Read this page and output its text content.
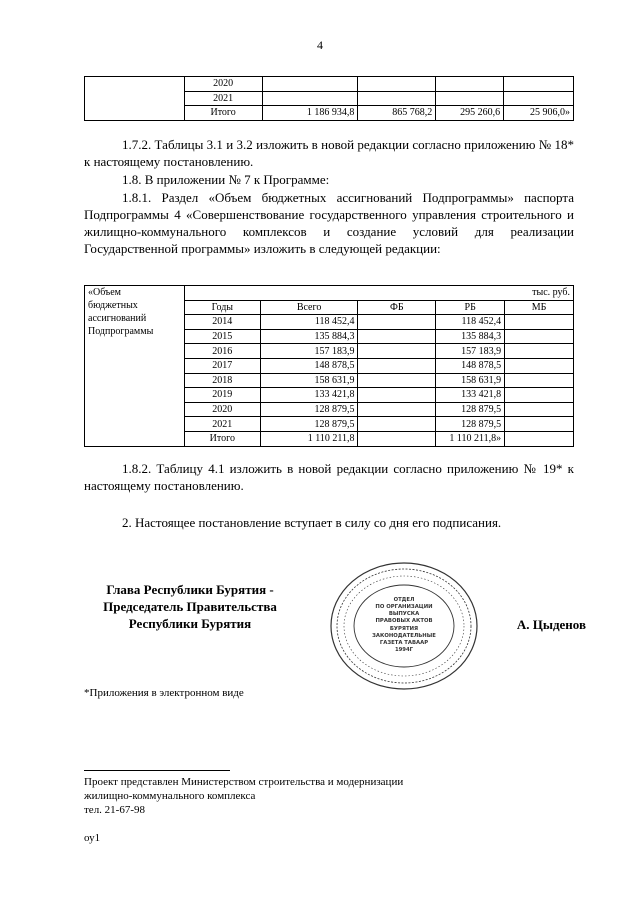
4
	2020				
	2021				
	Итого	1 186 934,8	865 768,2	295 260,6	25 906,0»
1.7.2. Таблицы 3.1 и 3.2 изложить в новой редакции согласно приложению № 18* к настоящему постановлению.
1.8. В приложении № 7 к Программе:
1.8.1. Раздел «Объем бюджетных ассигнований Подпрограммы» паспорта Подпрограммы 4 «Совершенствование государственного управления строительного и жилищно-коммунального комплексов и создание условий для реализации Государственной программы» изложить в следующей редакции:
«Объем
бюджетных
ассигнований
Подпрограммы	тыс. руб.				
	Годы	Всего	ФБ	РБ	МБ
	2014	118 452,4		118 452,4	
	2015	135 884,3		135 884,3	
	2016	157 183,9		157 183,9	
	2017	148 878,5		148 878,5	
	2018	158 631,9		158 631,9	
	2019	133 421,8		133 421,8	
	2020	128 879,5		128 879,5	
	2021	128 879,5		128 879,5	
	Итого	1 110 211,8		1 110 211,8»	
1.8.2. Таблицу 4.1 изложить в новой редакции согласно приложению № 19* к настоящему постановлению.
2. Настоящее постановление вступает в силу со дня его подписания.
Глава Республики Бурятия -
Председатель Правительства
Республики Бурятия
ОТДЕЛ
ПО ОРГАНИЗАЦИИ
ВЫПУСКА
ПРАВОВЫХ АКТОВ
БУРЯТИЯ
ЗАКОНОДАТЕЛЬНЫЕ
ГАЗЕТА ТАВААР
1994Г
А. Цыденов
*Приложения в электронном виде
Проект представлен Министерством строительства и модернизации
жилищно-коммунального комплекса
тел. 21-67-98
оу1
